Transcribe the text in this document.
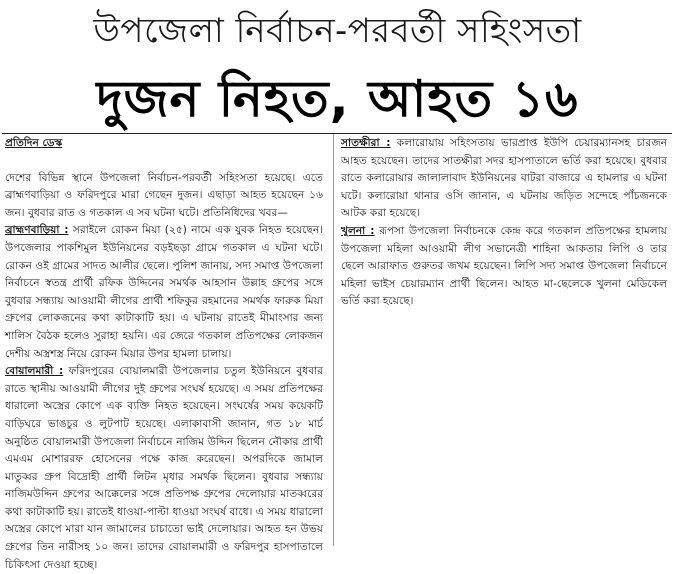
উপজেলা নির্বাচন-পরবর্তী সহিংসতা
দুজন নিহত, আহত ১৬

প্রতিদিন ডেস্ক

দেশের বিভিন্ন স্থানে উপজেলা নির্বাচন-পরবর্তী সহিংসতা হয়েছে। এতে ব্রাহ্মণবাড়িয়া ও ফরিদপুরে মারা গেছেন দুজন। এছাড়া আহত হয়েছেন ১৬ জন। বুধবার রাত ও গতকাল এ সব ঘটনা ঘটে। প্রতিনিধিদের খবর—

ব্রাহ্মণবাড়িয়া : সরাইলে রোকন মিয়া (২৫) নামে এক যুবক নিহত হয়েছেন। উপজেলার পাকশিমুল ইউনিয়নের বড়ইছড়া গ্রামে গতকাল এ ঘটনা ঘটে। রোকন ওই গ্রামের সাদত আলীর ছেলে। পুলিশ জানায়, সদ্য সমাপ্ত উপজেলা নির্বাচনে স্বতন্ত্র প্রার্থী রফিক উদ্দিনের সমর্থক আহসান উল্লাহ গ্রুপের সঙ্গে বুধবার সন্ধ্যায় আওয়ামী লীগের প্রার্থী শফিকুর রহমানের সমর্থক ফারুক মিয়া গ্রুপের লোকজনের কথা কাটাকাটি হয়। এ ঘটনায় রাতেই মীমাংসার জন্য শালিস বৈঠক হলেও সুরাহা হয়নি। এর জেরে গতকাল প্রতিপক্ষের লোকজন দেশীয় অস্ত্রশস্ত্র নিয়ে রোকন মিয়ার উপর হামলা চালায়।

বোয়ালমারী : ফরিদপুরের বোয়ালমারী উপজেলার চতুল ইউনিয়নে বুধবার রাতে স্থানীয় আওয়ামী লীগের দুই গ্রুপের সংঘর্ষ হয়েছে। এ সময় প্রতিপক্ষের ধারালো অস্ত্রের কোপে এক ব্যক্তি নিহত হয়েছেন। সংঘর্ষের সময় কয়েকটি বাড়িঘরে ভাঙচুর ও লুটপাট হয়েছে। এলাকাবাসী জানান, গত ১৮ মার্চ অনুষ্ঠিত বোয়ালমারী উপজেলা নির্বাচনে নাজিম উদ্দিন ছিলেন নৌকার প্রার্থী এমএম মোশাররফ হোসেনের পক্ষে কাজ করেছেন। অপরদিকে জামাল মাতুব্বর গ্রুপ বিদ্রোহী প্রার্থী লিটন মৃধার সমর্থক ছিলেন। বুধবার সন্ধ্যায় নাজিমউদ্দিন গ্রুপের আক্কেলের সঙ্গে প্রতিপক্ষ গ্রুপের দেলোয়ার মাতব্বরের কথা কাটাকাটি হয়। রাতেই ধাওয়া-পাল্টা ধাওয়া সংঘর্ষ বাধে। এ সময় ধারালো অস্ত্রের কোপে মারা যান জামালের চাচাতো ভাই দেলোয়ার। আহত হন উভয় গ্রুপের তিন নারীসহ ১০ জন। তাদের বোয়ালমারী ও ফরিদপুর হাসপাতালে চিকিৎসা দেওয়া হচ্ছে।

সাতক্ষীরা : কলারোয়ায় সহিংসতায় ভারপ্রাপ্ত ইউপি চেয়ারম্যানসহ চারজন আহত হয়েছেন। তাদের সাতক্ষীরা সদর হাসপাতালে ভর্তি করা হয়েছে। বুধবার রাতে কলারোয়ার জালালাবাদ ইউনিয়নের বাটরা বাজারে এ হামলার এ ঘটনা ঘটে। কলারোয়া থানার ওসি জানান, এ ঘটনায় জড়িত সন্দেহে পাঁচজনকে আটক করা হয়েছে।

খুলনা : রূপসা উপজেলা নির্বাচনকে কেন্দ্র করে গতকাল প্রতিপক্ষের হামলায় উপজেলা মহিলা আওয়ামী লীগ সভানেত্রী শাহিনা আকতার লিপি ও তার ছেলে আরাফাত গুরুতর জখম হয়েছেন। লিপি সদ্য সমাপ্ত উপজেলা নির্বাচনে মহিলা ভাইস চেয়ারম্যান প্রার্থী ছিলেন। আহত মা-ছেলেকে খুলনা মেডিকেল ভর্তি করা হয়েছে।
